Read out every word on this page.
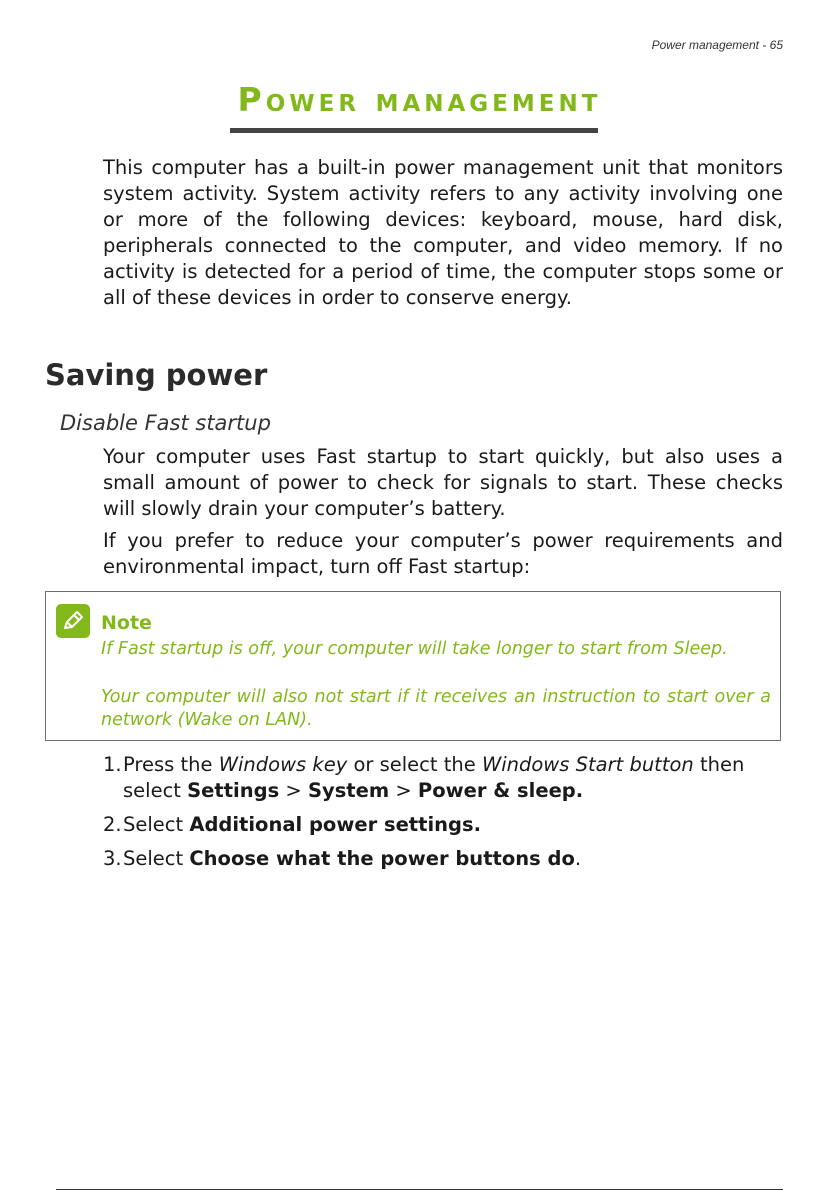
Power management - 65
Power management

This computer has a built-in power management unit that monitors system activity. System activity refers to any activity involving one or more of the following devices: keyboard, mouse, hard disk, peripherals connected to the computer, and video memory. If no activity is detected for a period of time, the computer stops some or all of these devices in order to conserve energy.

Saving power
Disable Fast startup

Your computer uses Fast startup to start quickly, but also uses a small amount of power to check for signals to start. These checks will slowly drain your computer’s battery.

If you prefer to reduce your computer’s power requirements and environmental impact, turn off Fast startup:

Note

If Fast startup is off, your computer will take longer to start from Sleep.

Your computer will also not start if it receives an instruction to start over a network (Wake on LAN).

1. Press the Windows key or select the Windows Start button then select Settings > System > Power & sleep.
2. Select Additional power settings.
3. Select Choose what the power buttons do.
